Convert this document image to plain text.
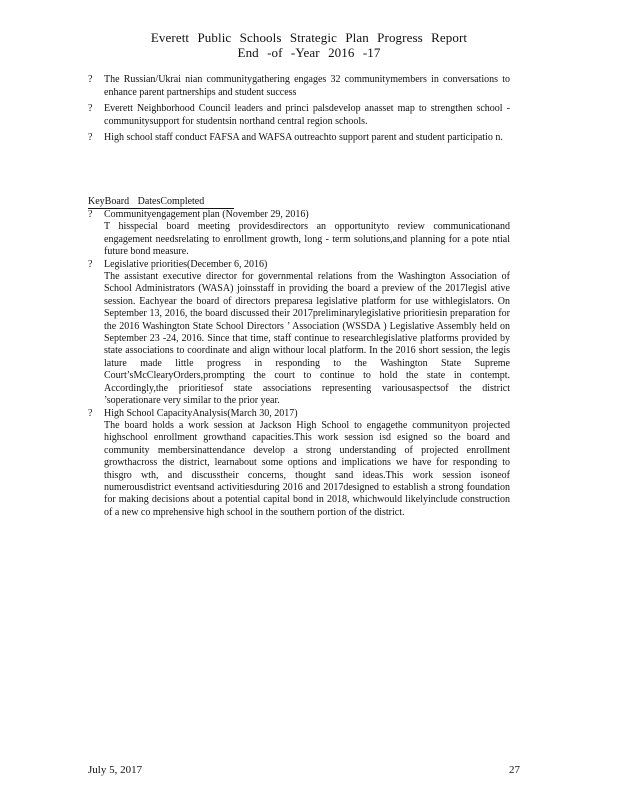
Everett Public Schools Strategic Plan Progress Report
End -of -Year 2016 -17
? The Russian/Ukrai nian communitygathering engages 32 communitymembers in conversations to enhance parent partnerships and student success
? Everett Neighborhood Council leaders and princi palsdevelop anasset map to strengthen school -communitysupport for studentsin northand central region schools.
? High school staff conduct FAFSA and WAFSA outreachto support parent and student participatio n.
KeyBoard DatesCompleted
? Communityengagement plan (November 29, 2016)
T hisspecial board meeting providesdirectors an opportunityto review communicationand engagement needsrelating to enrollment growth, long - term solutions,and planning for a pote ntial future bond measure.
? Legislative priorities(December 6, 2016)
The assistant executive director for governmental relations from the Washington Association of School Administrators (WASA) joinsstaff in providing the board a preview of the 2017legisl ative session. Eachyear the board of directors preparesa legislative platform for use withlegislators. On September 13, 2016, the board discussed their 2017preliminarylegislative prioritiesin preparation for the 2016 Washington State School Directors ’ Association (WSSDA ) Legislative Assembly held on September 23 -24, 2016. Since that time, staff continue to researchlegislative platforms provided by state associations to coordinate and align withour local platform. In the 2016 short session, the legis lature made little progress in responding to the Washington State Supreme Court’sMcClearyOrders,prompting the court to continue to hold the state in contempt. Accordingly,the prioritiesof state associations representing variousaspectsof the district ’soperationare very similar to the prior year.
? High School CapacityAnalysis(March 30, 2017)
The board holds a work session at Jackson High School to engagethe communityon projected highschool enrollment growthand capacities.This work session isd esigned so the board and community membersinattendance develop a strong understanding of projected enrollment growthacross the district, learnabout some options and implications we have for responding to thisgro wth, and discusstheir concerns, thought sand ideas.This work session isoneof numerousdistrict eventsand activitiesduring 2016 and 2017designed to establish a strong foundation for making decisions about a potential capital bond in 2018, whichwould likelyinclude construction of a new co mprehensive high school in the southern portion of the district.
July 5, 2017	27
